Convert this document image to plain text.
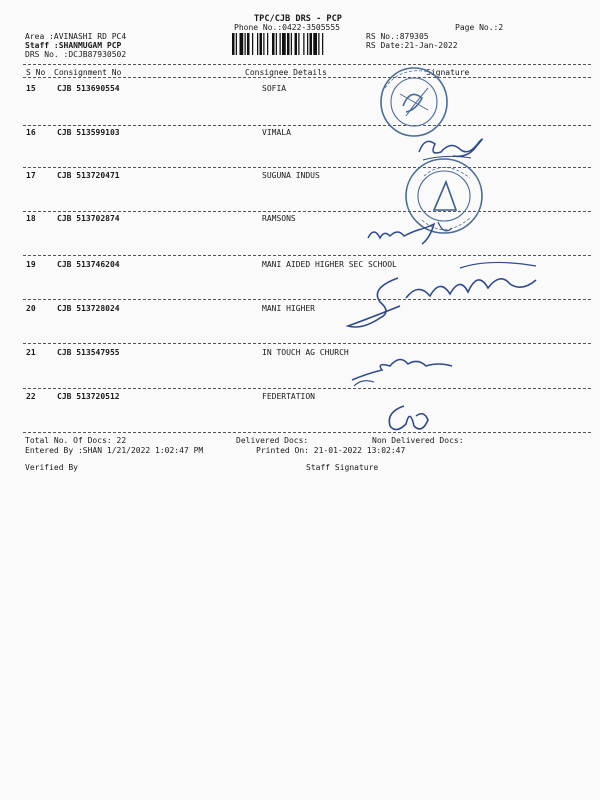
TPC/CJB DRS - PCP
Phone No.:0422-3505555	Page No.:2
Area :AVINASHI RD PC4
Staff :SHANMUGAM PCP
DRS No. :DCJB87930502
RS No.:879305
RS Date:21-Jan-2022
S No Consignment No	Consignee Details	Signature
15	CJB 513690554	SOFIA
16	CJB 513599103	VIMALA
17	CJB 513720471	SUGUNA INDUS
18	CJB 513702874	RAMSONS
19	CJB 513746204	MANI AIDED HIGHER SEC SCHOOL
20	CJB 513728024	MANI HIGHER
21	CJB 513547955	IN TOUCH AG CHURCH
22	CJB 513720512	FEDERTATION
Total No. Of Docs: 22	Delivered Docs:	Non Delivered Docs:
Entered By :SHAN 1/21/2022 1:02:47 PM	Printed On: 21-01-2022 13:02:47
Verified By	Staff Signature
